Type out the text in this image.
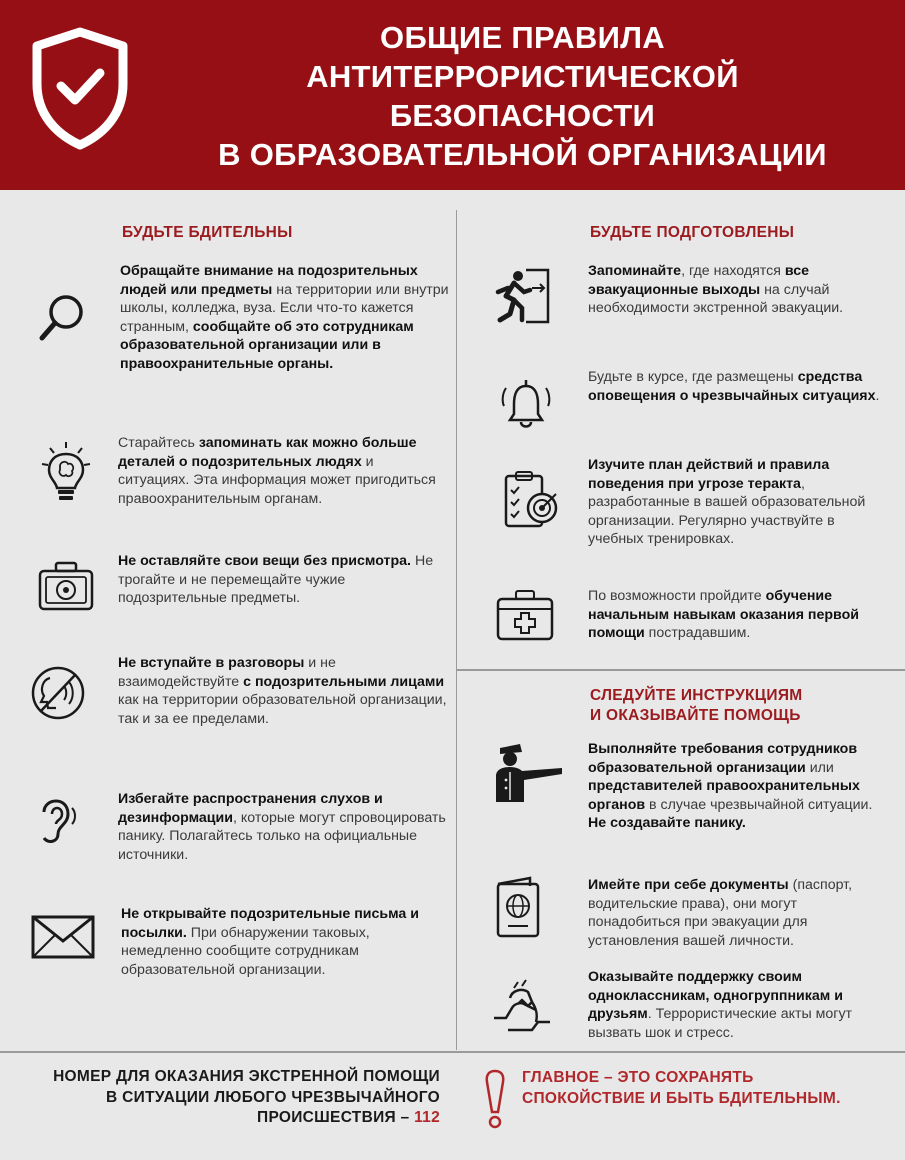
ОБЩИЕ ПРАВИЛА
АНТИТЕРРОРИСТИЧЕСКОЙ
БЕЗОПАСНОСТИ
В ОБРАЗОВАТЕЛЬНОЙ ОРГАНИЗАЦИИ
БУДЬТЕ БДИТЕЛЬНЫ
Обращайте внимание на подозрительных людей или предметы на территории или внутри школы, колледжа, вуза. Если что-то кажется странным, сообщайте об это сотрудникам образовательной организации или в правоохранительные органы.
Старайтесь запоминать как можно больше деталей о подозрительных людях и ситуациях. Эта информация может пригодиться правоохранительным органам.
Не оставляйте свои вещи без присмотра. Не трогайте и не перемещайте чужие подозрительные предметы.
Не вступайте в разговоры и не взаимодействуйте с подозрительными лицами как на территории образовательной организации, так и за ее пределами.
Избегайте распространения слухов и дезинформации, которые могут спровоцировать панику. Полагайтесь только на официальные источники.
Не открывайте подозрительные письма и посылки. При обнаружении таковых, немедленно сообщите сотрудникам образовательной организации.
БУДЬТЕ ПОДГОТОВЛЕНЫ
Запоминайте, где находятся все эвакуационные выходы на случай необходимости экстренной эвакуации.
Будьте в курсе, где размещены средства оповещения о чрезвычайных ситуациях.
Изучите план действий и правила поведения при угрозе теракта, разработанные в вашей образовательной организации. Регулярно участвуйте в учебных тренировках.
По возможности пройдите обучение начальным навыкам оказания первой помощи пострадавшим.
СЛЕДУЙТЕ ИНСТРУКЦИЯМ
И ОКАЗЫВАЙТЕ ПОМОЩЬ
Выполняйте требования сотрудников образовательной организации или представителей правоохранительных органов в случае чрезвычайной ситуации. Не создавайте панику.
Имейте при себе документы (паспорт, водительские права), они могут понадобиться при эвакуации для установления вашей личности.
Оказывайте поддержку своим одноклассникам, одногруппникам и друзьям. Террористические акты могут вызвать шок и стресс.
НОМЕР ДЛЯ ОКАЗАНИЯ ЭКСТРЕННОЙ ПОМОЩИ В СИТУАЦИИ ЛЮБОГО ЧРЕЗВЫЧАЙНОГО ПРОИСШЕСТВИЯ – 112
ГЛАВНОЕ – ЭТО СОХРАНЯТЬ СПОКОЙСТВИЕ И БЫТЬ БДИТЕЛЬНЫМ.
